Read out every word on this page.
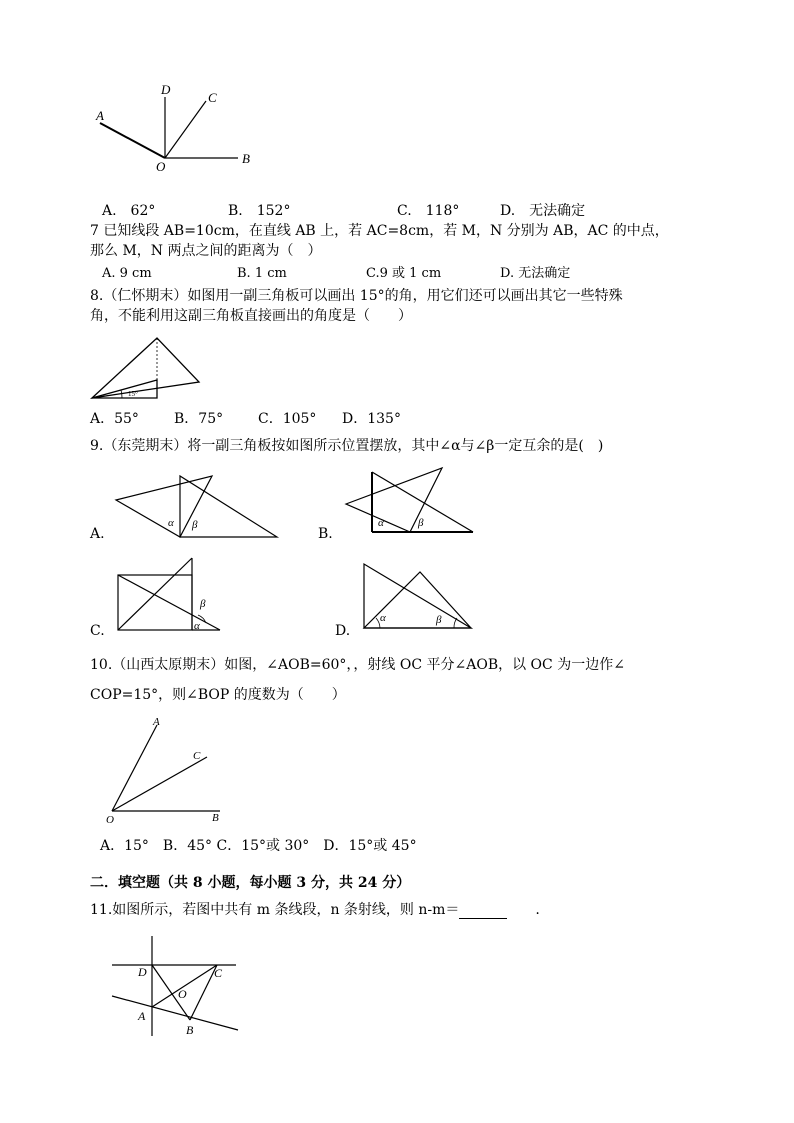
A
D
C
B
O
A.　62°	B.　152°	C.　118°	D.　无法确定
7 已知线段 AB=10cm，在直线 AB 上，若 AC=8cm，若 M，N 分别为 AB，AC 的中点，
那么 M，N 两点之间的距离为（　）
A. 9 cm	B. 1 cm	C.9 或 1 cm	D. 无法确定
8.（仁怀期末）如图用一副三角板可以画出 15°的角，用它们还可以画出其它一些特殊
角，不能利用这副三角板直接画出的角度是（　　）
15°
A．55°	B．75° C．105° D．135°
9.（东莞期末）将一副三角板按如图所示位置摆放，其中∠α与∠β一定互余的是(　)
A.
α β
B.
α	β
C.
β
α	D.
α	β
10.（山西太原期末）如图，∠AOB=60°，，射线 OC 平分∠AOB，以 OC 为一边作∠
COP=15°，则∠BOP 的度数为（　　）
A
C
B
O
A．15°　B．45° C．15°或 30°　D．15°或 45°
二．填空题（共 8 小题，每小题 3 分，共 24 分）
11.如图所示，若图中共有 m 条线段，n 条射线，则 n-m＝	　　.
D	C
O
A
B
